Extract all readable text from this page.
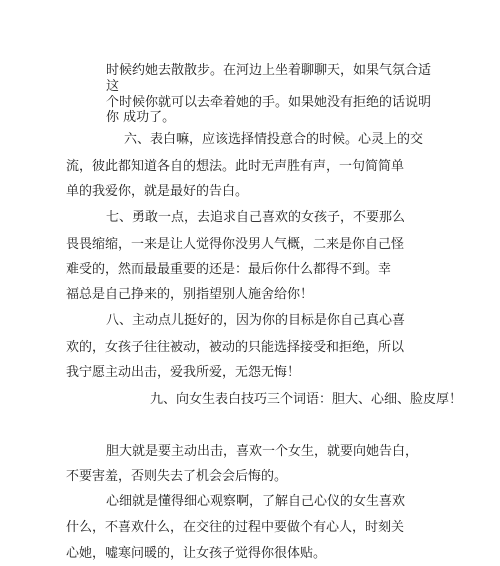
时候约她去散散步。在河边上坐着聊聊天，如果气氛合适
这
个时候你就可以去牵着她的手。如果她没有拒绝的话说明
你 成功了。
六、表白嘛，应该选择情投意合的时候。心灵上的交
流，彼此都知道各自的想法。此时无声胜有声，一句简简单
单的我爱你，就是最好的告白。
七、勇敢一点，去追求自己喜欢的女孩子，不要那么
畏畏缩缩，一来是让人觉得你没男人气概，二来是你自己怪
难受的，然而最最重要的还是：最后你什么都得不到。幸
福总是自己挣来的，别指望别人施舍给你！
八、主动点儿挺好的，因为你的目标是你自己真心喜
欢的，女孩子往往被动，被动的只能选择接受和拒绝，所以
我宁愿主动出击，爱我所爱，无怨无悔！
九、向女生表白技巧三个词语：胆大、心细、脸皮厚！
胆大就是要主动出击，喜欢一个女生，就要向她告白，
不要害羞，否则失去了机会会后悔的。
心细就是懂得细心观察啊，了解自己心仪的女生喜欢
什么，不喜欢什么，在交往的过程中要做个有心人，时刻关
心她，嘘寒问暖的，让女孩子觉得你很体贴。
